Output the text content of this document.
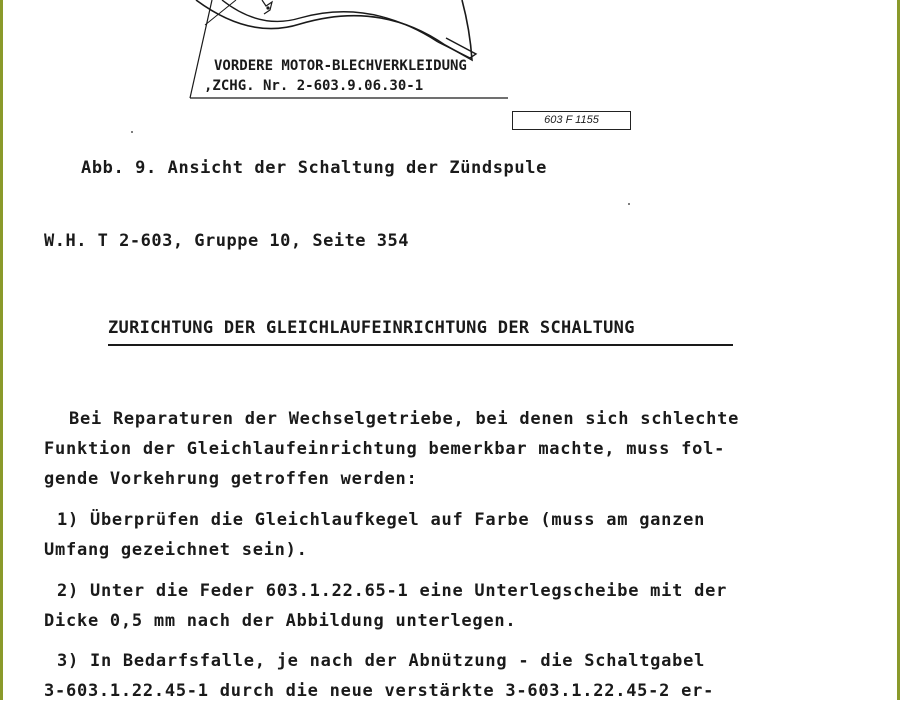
VORDERE MOTOR-BLECHVERKLEIDUNG
,ZCHG. Nr. 2-603.9.06.30-1
603 F 1155
Abb. 9. Ansicht der Schaltung der Zündspule
W.H. T 2-603, Gruppe 10, Seite 354
ZURICHTUNG DER GLEICHLAUFEINRICHTUNG DER SCHALTUNG
Bei Reparaturen der Wechselgetriebe, bei denen sich schlechte
Funktion der Gleichlaufeinrichtung bemerkbar machte, muss fol-
gende Vorkehrung getroffen werden:
1) Überprüfen die Gleichlaufkegel auf Farbe (muss am ganzen
Umfang gezeichnet sein).
2) Unter die Feder 603.1.22.65-1 eine Unterlegscheibe mit der
Dicke 0,5 mm nach der Abbildung unterlegen.
3) In Bedarfsfalle, je nach der Abnützung - die Schaltgabel
3-603.1.22.45-1 durch die neue verstärkte 3-603.1.22.45-2 er-
